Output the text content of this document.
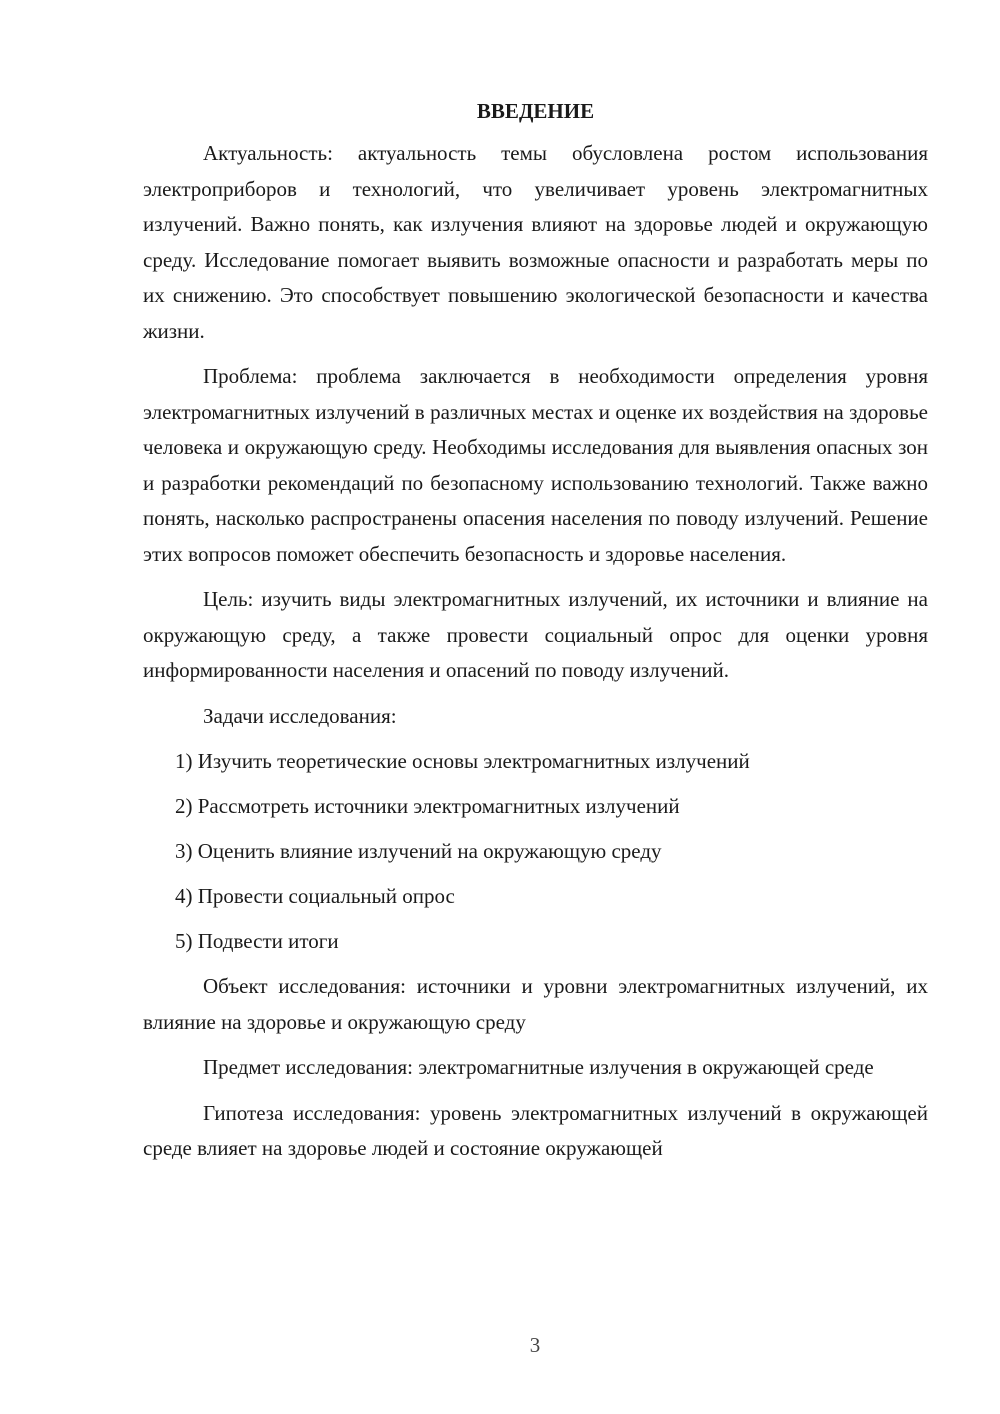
ВВЕДЕНИЕ

Актуальность: актуальность темы обусловлена ростом использования электроприборов и технологий, что увеличивает уровень электромагнитных излучений. Важно понять, как излучения влияют на здоровье людей и окружающую среду. Исследование помогает выявить возможные опасности и разработать меры по их снижению. Это способствует повышению экологической безопасности и качества жизни.

Проблема: проблема заключается в необходимости определения уровня электромагнитных излучений в различных местах и оценке их воздействия на здоровье человека и окружающую среду. Необходимы исследования для выявления опасных зон и разработки рекомендаций по безопасному использованию технологий. Также важно понять, насколько распространены опасения населения по поводу излучений. Решение этих вопросов поможет обеспечить безопасность и здоровье населения.

Цель: изучить виды электромагнитных излучений, их источники и влияние на окружающую среду, а также провести социальный опрос для оценки уровня информированности населения и опасений по поводу излучений.

Задачи исследования:

1) Изучить теоретические основы электромагнитных излучений
2) Рассмотреть источники электромагнитных излучений
3) Оценить влияние излучений на окружающую среду
4) Провести социальный опрос
5) Подвести итоги

Объект исследования: источники и уровни электромагнитных излучений, их влияние на здоровье и окружающую среду

Предмет исследования: электромагнитные излучения в окружающей среде

Гипотеза исследования: уровень электромагнитных излучений в окружающей среде влияет на здоровье людей и состояние окружающей

3
